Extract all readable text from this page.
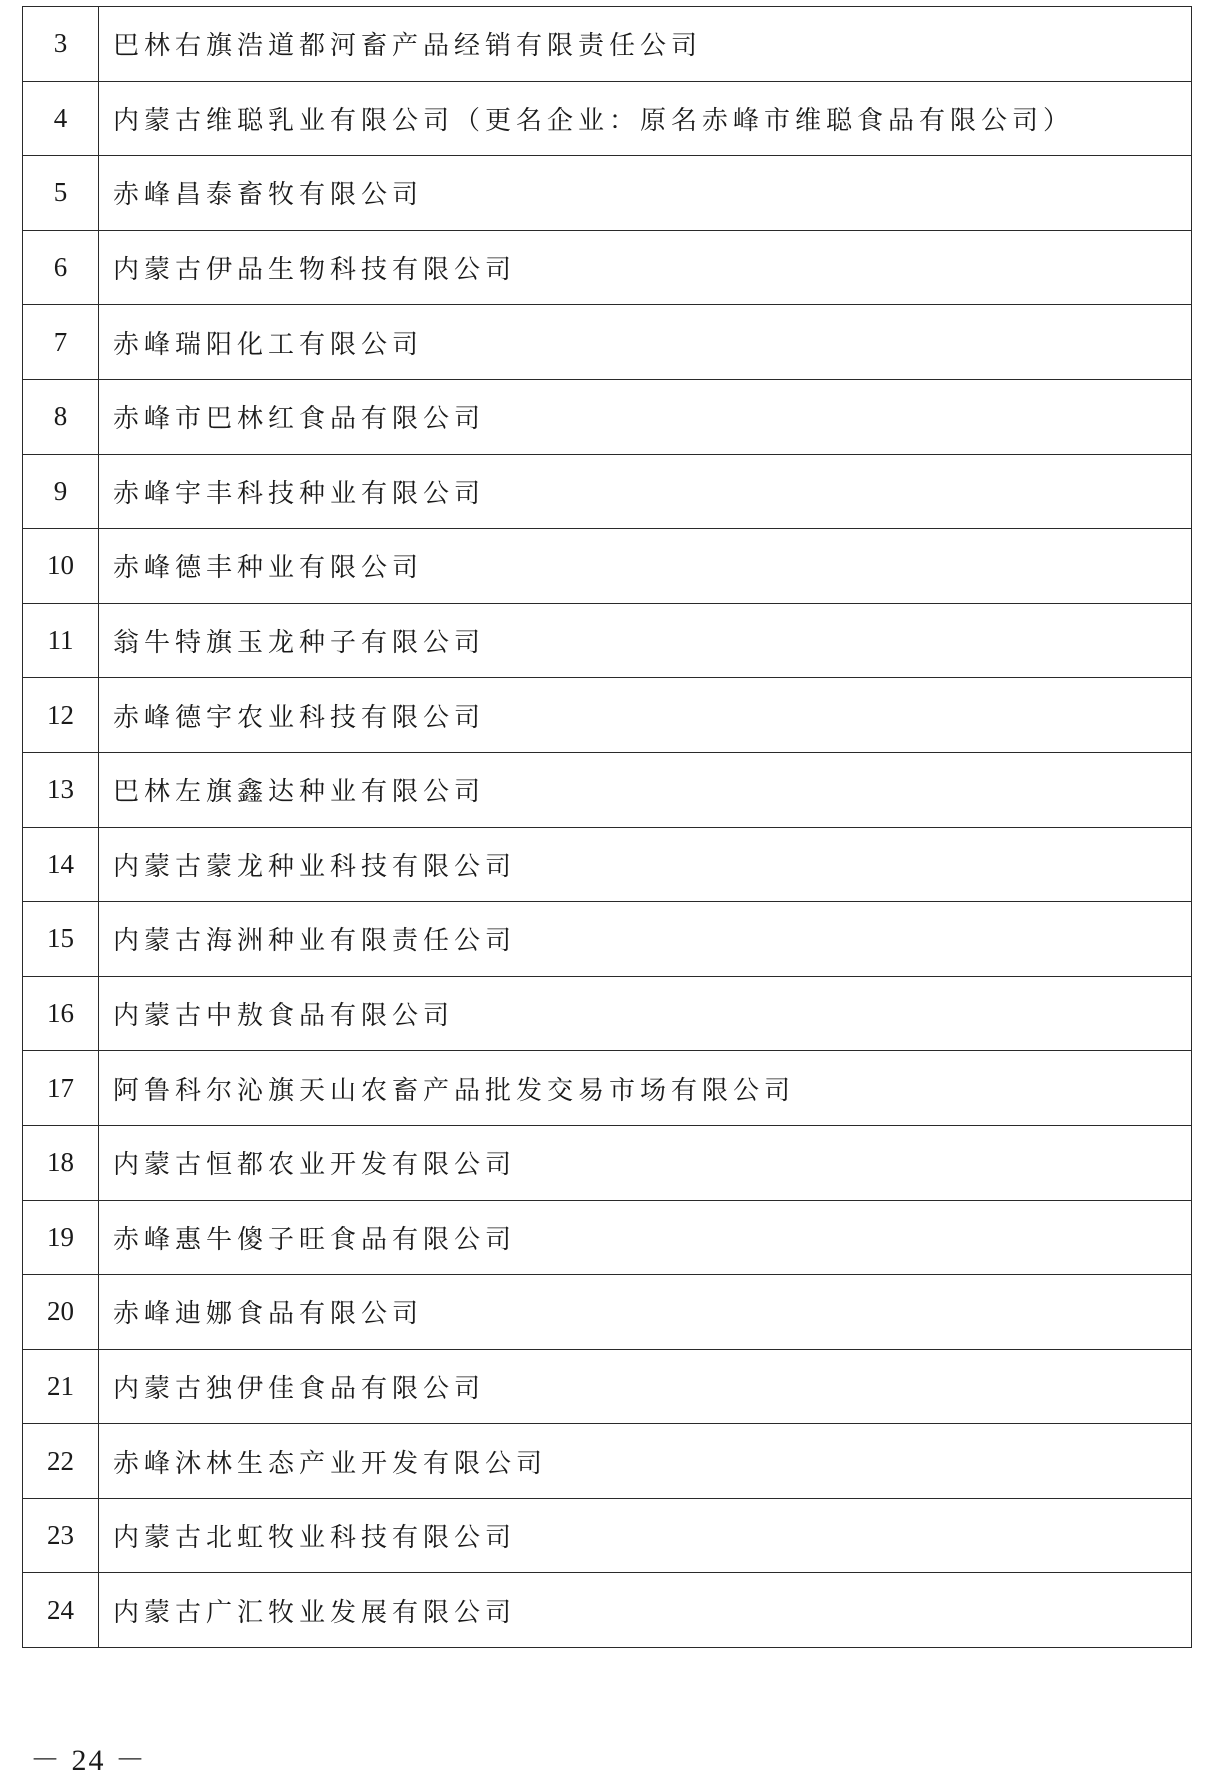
3	巴林右旗浩道都河畜产品经销有限责任公司
4	内蒙古维聪乳业有限公司（更名企业：原名赤峰市维聪食品有限公司）
5	赤峰昌泰畜牧有限公司
6	内蒙古伊品生物科技有限公司
7	赤峰瑞阳化工有限公司
8	赤峰市巴林红食品有限公司
9	赤峰宇丰科技种业有限公司
10	赤峰德丰种业有限公司
11	翁牛特旗玉龙种子有限公司
12	赤峰德宇农业科技有限公司
13	巴林左旗鑫达种业有限公司
14	内蒙古蒙龙种业科技有限公司
15	内蒙古海洲种业有限责任公司
16	内蒙古中敖食品有限公司
17	阿鲁科尔沁旗天山农畜产品批发交易市场有限公司
18	内蒙古恒都农业开发有限公司
19	赤峰惠牛傻子旺食品有限公司
20	赤峰迪娜食品有限公司
21	内蒙古独伊佳食品有限公司
22	赤峰沐林生态产业开发有限公司
23	内蒙古北虹牧业科技有限公司
24	内蒙古广汇牧业发展有限公司
－ 24 －
